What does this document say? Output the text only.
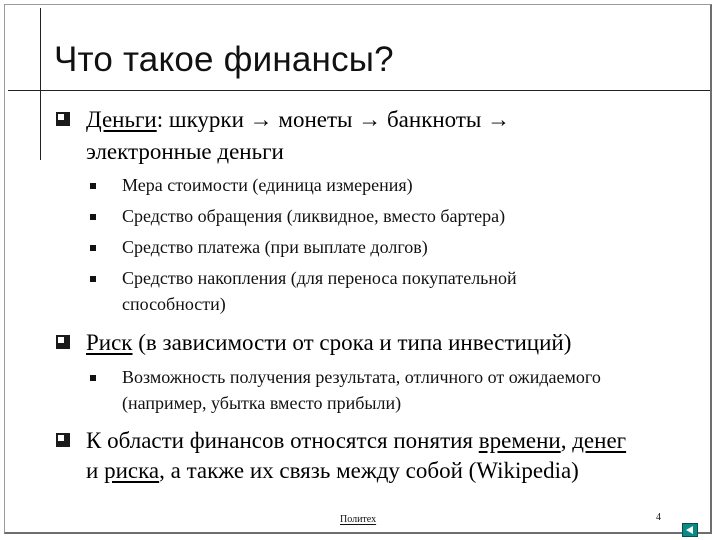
Что такое финансы?
Деньги: шкурки → монеты → банкноты →
электронные деньги
Мера стоимости (единица измерения)
Средство обращения (ликвидное, вместо бартера)
Средство платежа (при выплате долгов)
Средство накопления (для переноса покупательной
способности)
Риск (в зависимости от срока и типа инвестиций)
Возможность получения результата, отличного от ожидаемого
(например, убытка вместо прибыли)
К области финансов относятся понятия времени, денег
и риска, а также их связь между собой (Wikipedia)
Политех	4
